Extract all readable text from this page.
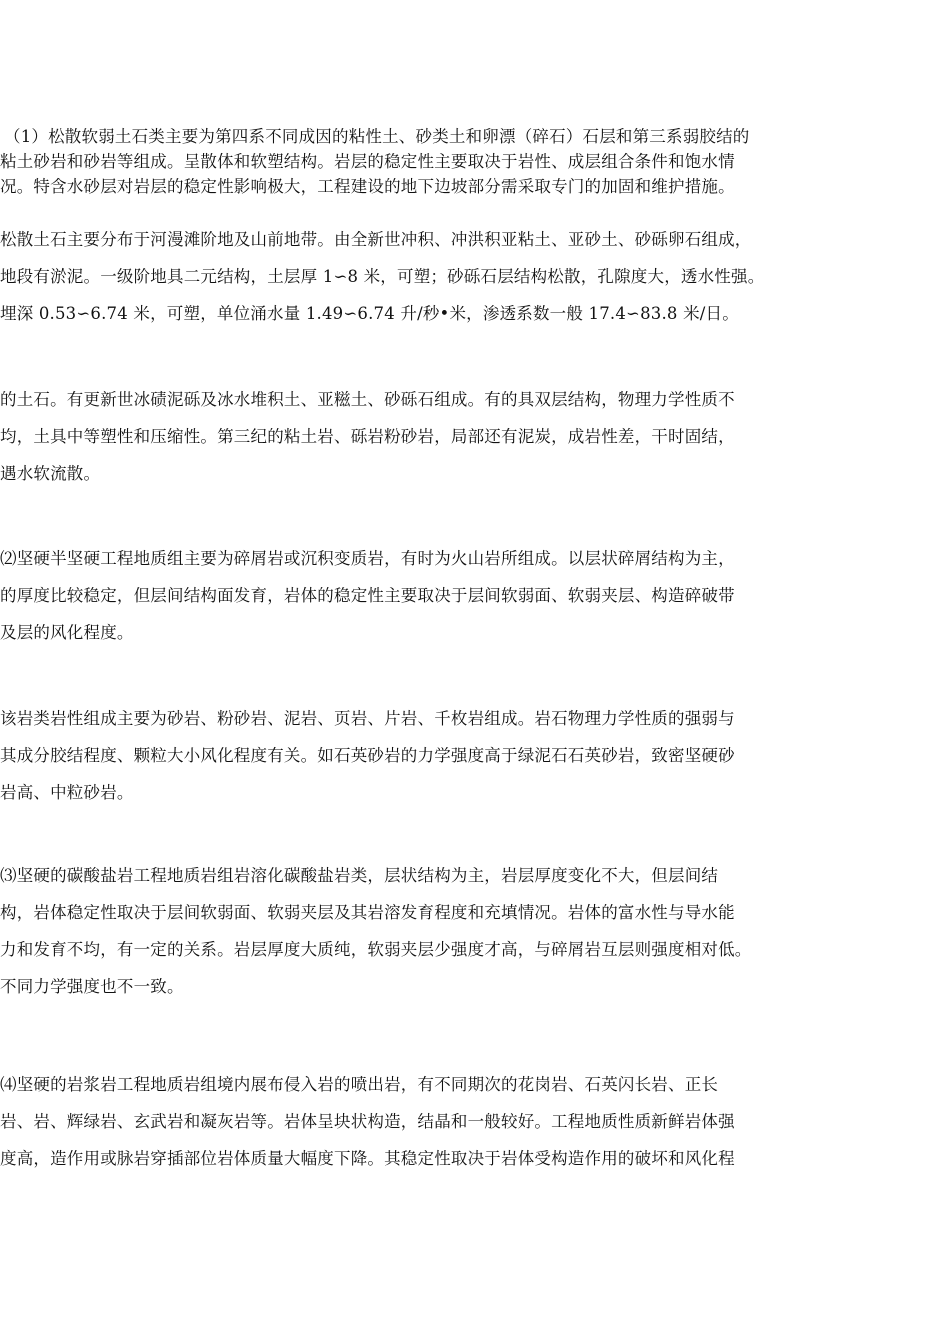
（1）松散软弱土石类主要为第四系不同成因的粘性土、砂类土和卵漂（碎石）石层和第三系弱胶结的
粘土砂岩和砂岩等组成。呈散体和软塑结构。岩层的稳定性主要取决于岩性、成层组合条件和饱水情
况。特含水砂层对岩层的稳定性影响极大，工程建设的地下边坡部分需采取专门的加固和维护措施。
松散土石主要分布于河漫滩阶地及山前地带。由全新世冲积、冲洪积亚粘土、亚砂土、砂砾卵石组成，
地段有淤泥。一级阶地具二元结构，土层厚 1∽8 米，可塑；砂砾石层结构松散，孔隙度大，透水性强。
埋深 0.53∽6.74 米，可塑，单位涌水量 1.49∽6.74 升/秒•米，渗透系数一般 17.4∽83.8 米/日。
的土石。有更新世冰碛泥砾及冰水堆积土、亚糍土、砂砾石组成。有的具双层结构，物理力学性质不
均，土具中等塑性和压缩性。第三纪的粘土岩、砾岩粉砂岩，局部还有泥炭，成岩性差，干时固结，
遇水软流散。
⑵坚硬半坚硬工程地质组主要为碎屑岩或沉积变质岩，有时为火山岩所组成。以层状碎屑结构为主，
的厚度比较稳定，但层间结构面发育，岩体的稳定性主要取决于层间软弱面、软弱夹层、构造碎破带
及层的风化程度。
该岩类岩性组成主要为砂岩、粉砂岩、泥岩、页岩、片岩、千枚岩组成。岩石物理力学性质的强弱与
其成分胶结程度、颗粒大小风化程度有关。如石英砂岩的力学强度高于绿泥石石英砂岩，致密坚硬砂
岩高、中粒砂岩。
⑶坚硬的碳酸盐岩工程地质岩组岩溶化碳酸盐岩类，层状结构为主，岩层厚度变化不大，但层间结
构，岩体稳定性取决于层间软弱面、软弱夹层及其岩溶发育程度和充填情况。岩体的富水性与导水能
力和发育不均，有一定的关系。岩层厚度大质纯，软弱夹层少强度才高，与碎屑岩互层则强度相对低。
不同力学强度也不一致。
⑷坚硬的岩浆岩工程地质岩组境内展布侵入岩的喷出岩，有不同期次的花岗岩、石英闪长岩、正长
岩、岩、辉绿岩、玄武岩和凝灰岩等。岩体呈块状构造，结晶和一般较好。工程地质性质新鲜岩体强
度高，造作用或脉岩穿插部位岩体质量大幅度下降。其稳定性取决于岩体受构造作用的破坏和风化程
